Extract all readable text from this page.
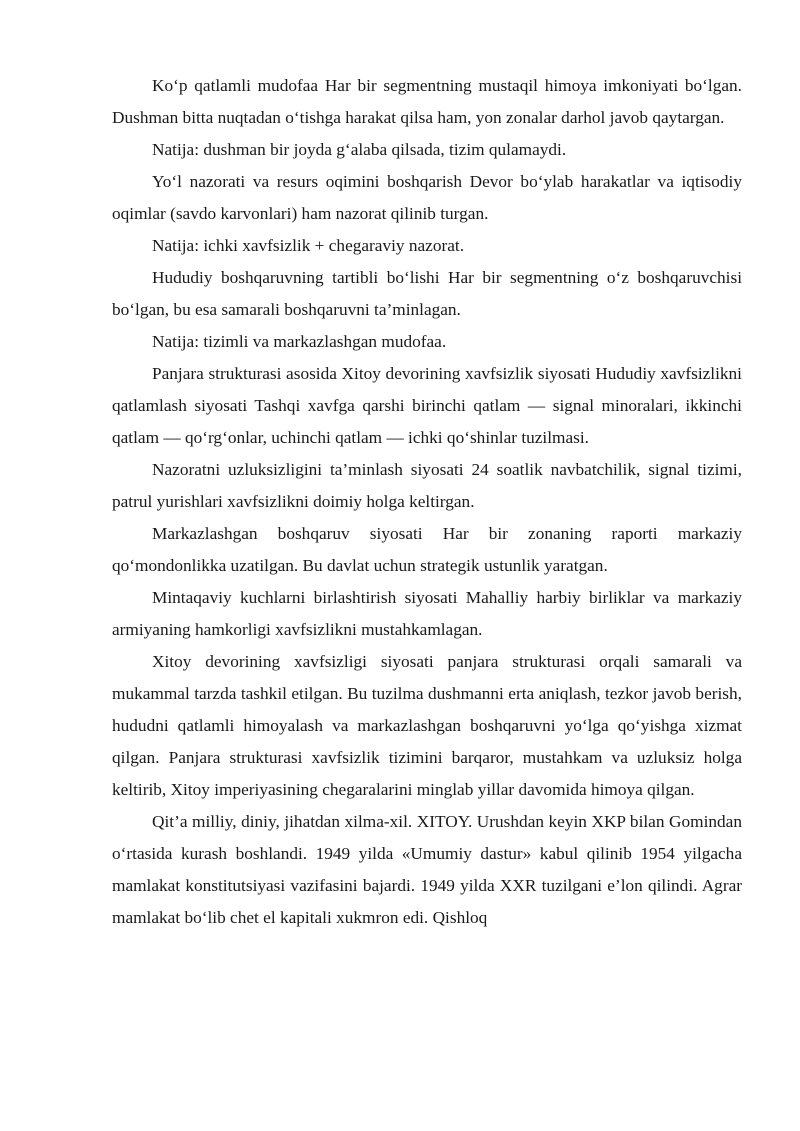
Ko‘p qatlamli mudofaa Har bir segmentning mustaqil himoya imkoniyati bo‘lgan. Dushman bitta nuqtadan o‘tishga harakat qilsa ham, yon zonalar darhol javob qaytargan.

Natija: dushman bir joyda g‘alaba qilsada, tizim qulamaydi.

Yo‘l nazorati va resurs oqimini boshqarish Devor bo‘ylab harakatlar va iqtisodiy oqimlar (savdo karvonlari) ham nazorat qilinib turgan.

Natija: ichki xavfsizlik + chegaraviy nazorat.

Hududiy boshqaruvning tartibli bo‘lishi Har bir segmentning o‘z boshqaruvchisi bo‘lgan, bu esa samarali boshqaruvni ta’minlagan.

Natija: tizimli va markazlashgan mudofaa.

Panjara strukturasi asosida Xitoy devorining xavfsizlik siyosati Hududiy xavfsizlikni qatlamlash siyosati Tashqi xavfga qarshi birinchi qatlam — signal minoralari, ikkinchi qatlam — qo‘rg‘onlar, uchinchi qatlam — ichki qo‘shinlar tuzilmasi.

Nazoratni uzluksizligini ta’minlash siyosati 24 soatlik navbatchilik, signal tizimi, patrul yurishlari xavfsizlikni doimiy holga keltirgan.

Markazlashgan boshqaruv siyosati Har bir zonaning raporti markaziy qo‘mondonlikka uzatilgan. Bu davlat uchun strategik ustunlik yaratgan.

Mintaqaviy kuchlarni birlashtirish siyosati Mahalliy harbiy birliklar va markaziy armiyaning hamkorligi xavfsizlikni mustahkamlagan.

Xitoy devorining xavfsizligi siyosati panjara strukturasi orqali samarali va mukammal tarzda tashkil etilgan. Bu tuzilma dushmanni erta aniqlash, tezkor javob berish, hududni qatlamli himoyalash va markazlashgan boshqaruvni yo‘lga qo‘yishga xizmat qilgan. Panjara strukturasi xavfsizlik tizimini barqaror, mustahkam va uzluksiz holga keltirib, Xitoy imperiyasining chegaralarini minglab yillar davomida himoya qilgan.

Qit’a milliy, diniy, jihatdan xilma-xil. XITOY. Urushdan keyin XKP bilan Gomindan o‘rtasida kurash boshlandi. 1949 yilda «Umumiy dastur» kabul qilinib 1954 yilgacha mamlakat konstitutsiyasi vazifasini bajardi. 1949 yilda XXR tuzilgani e’lon qilindi. Agrar mamlakat bo‘lib chet el kapitali xukmron edi. Qishloq
